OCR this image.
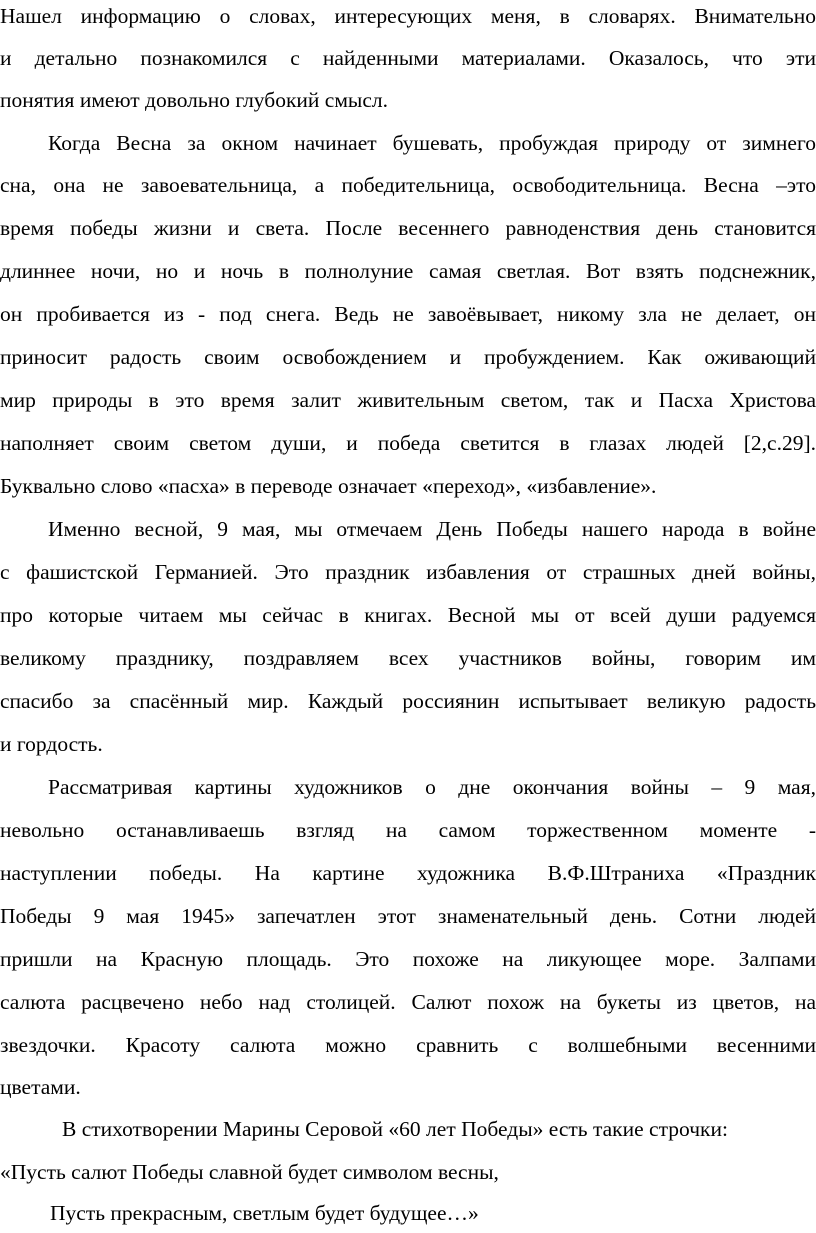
Нашел информацию о словах, интересующих меня, в словарях. Внимательно
и детально познакомился с найденными материалами. Оказалось, что эти
понятия имеют довольно глубокий смысл.
Когда Весна за окном начинает бушевать, пробуждая природу от зимнего
сна, она не завоевательница, а победительница, освободительница. Весна –это
время победы жизни и света. После весеннего равноденствия день становится
длиннее ночи, но и ночь в полнолуние самая светлая. Вот взять подснежник,
он пробивается из - под снега. Ведь не завоёвывает, никому зла не делает, он
приносит радость своим освобождением и пробуждением. Как оживающий
мир природы в это время залит живительным светом, так и Пасха Христова
наполняет своим светом души, и победа светится в глазах людей [2,с.29].
Буквально слово «пасха» в переводе означает «переход», «избавление».
Именно весной, 9 мая, мы отмечаем День Победы нашего народа в войне
с фашистской Германией. Это праздник избавления от страшных дней войны,
про которые читаем мы сейчас в книгах. Весной мы от всей души радуемся
великому празднику, поздравляем всех участников войны, говорим им
спасибо за спасённый мир. Каждый россиянин испытывает великую радость
и гордость.
Рассматривая картины художников о дне окончания войны – 9 мая,
невольно останавливаешь взгляд на самом торжественном моменте -
наступлении победы. На картине художника В.Ф.Штраниха «Праздник
Победы 9 мая 1945» запечатлен этот знаменательный день. Сотни людей
пришли на Красную площадь. Это похоже на ликующее море. Залпами
салюта расцвечено небо над столицей. Салют похож на букеты из цветов, на
звездочки. Красоту салюта можно сравнить с волшебными весенними
цветами.
В стихотворении Марины Серовой «60 лет Победы» есть такие строчки:
«Пусть салют Победы славной будет символом весны,
Пусть прекрасным, светлым будет будущее…»
